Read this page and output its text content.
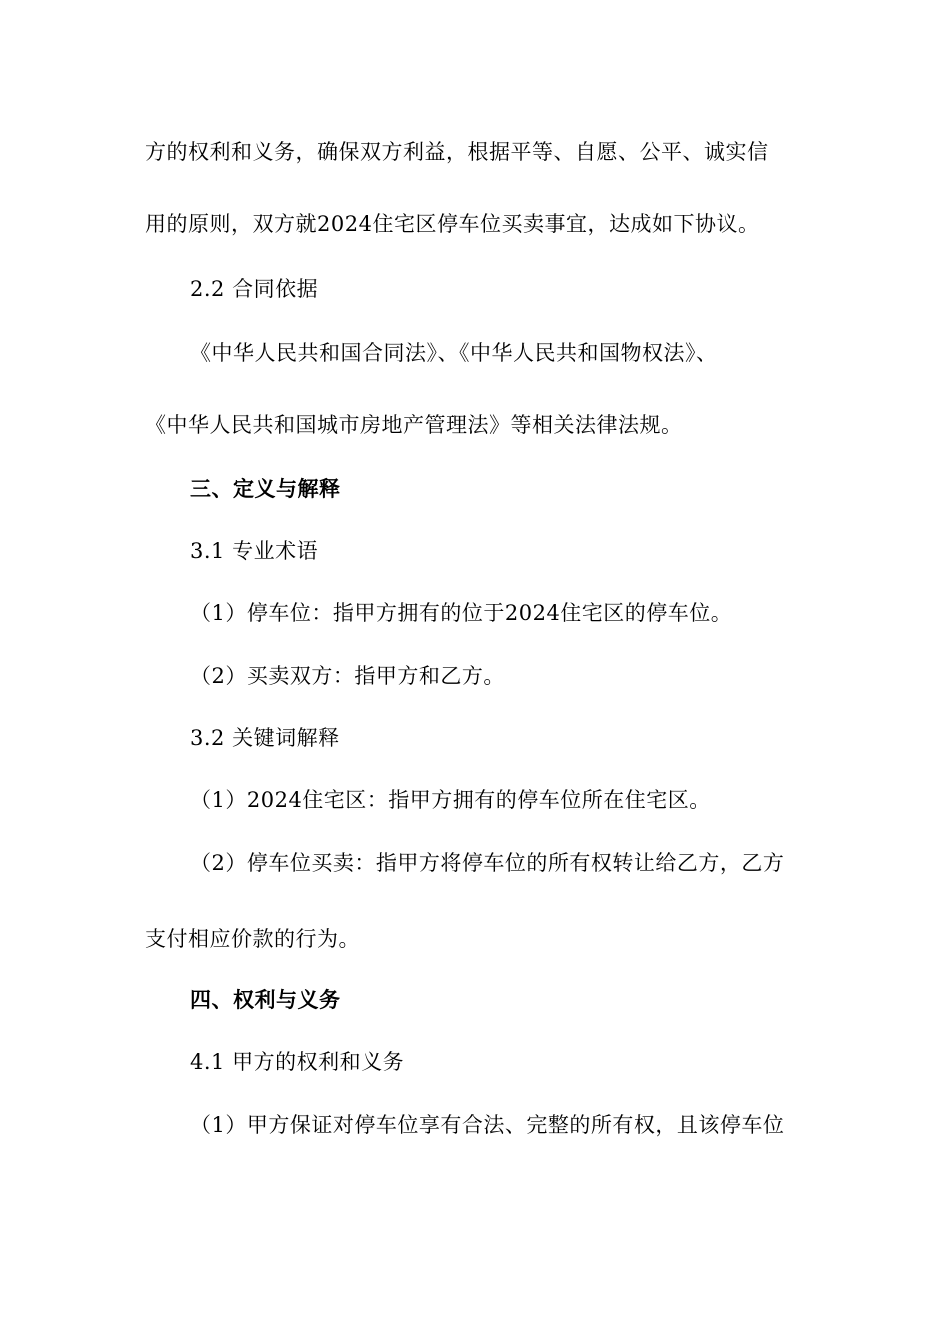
方的权利和义务，确保双方利益，根据平等、自愿、公平、诚实信
用的原则，双方就2024住宅区停车位买卖事宜，达成如下协议。
2.2 合同依据
《中华人民共和国合同法》、《中华人民共和国物权法》、
《中华人民共和国城市房地产管理法》等相关法律法规。
三、定义与解释
3.1 专业术语
（1）停车位：指甲方拥有的位于2024住宅区的停车位。
（2）买卖双方：指甲方和乙方。
3.2 关键词解释
（1）2024住宅区：指甲方拥有的停车位所在住宅区。
（2）停车位买卖：指甲方将停车位的所有权转让给乙方，乙方
支付相应价款的行为。
四、权利与义务
4.1 甲方的权利和义务
（1）甲方保证对停车位享有合法、完整的所有权，且该停车位
